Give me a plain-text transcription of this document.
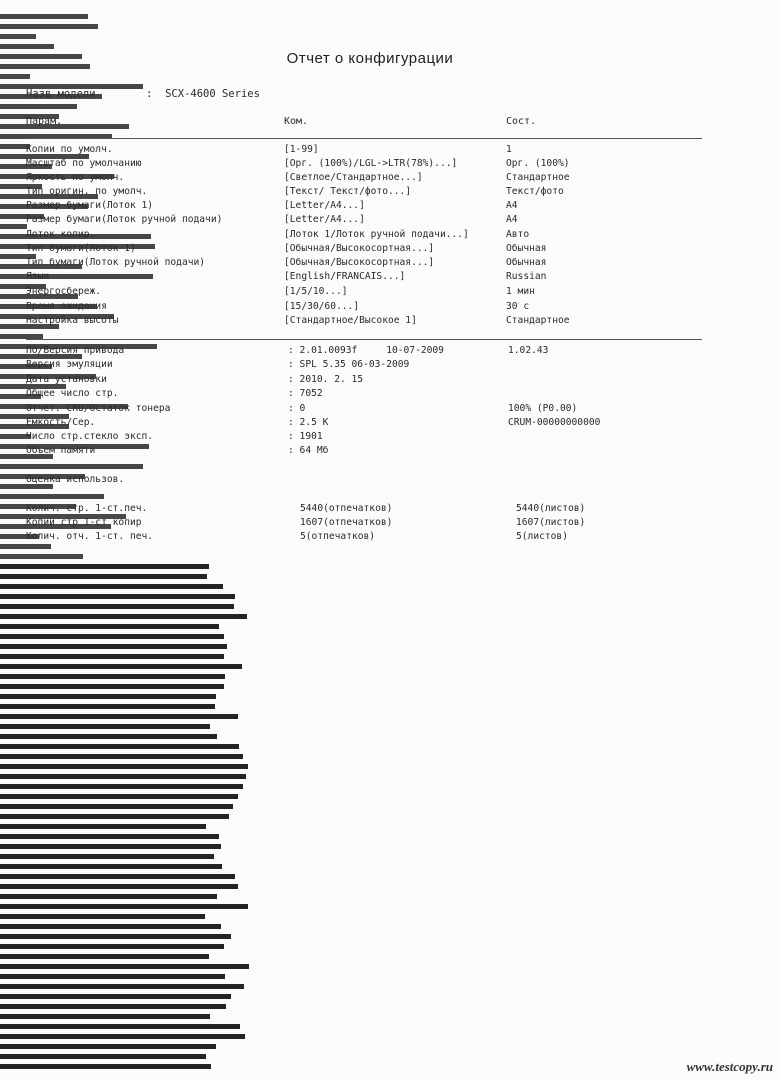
Отчет о конфигурации
Назв модели        :  SCX-4600 Series
Парам.	Ком.	Сост.
Копии по умолч.	[1-99]	1
Масштаб по умолчанию	[Орг. (100%)/LGL->LTR(78%)...]	Орг. (100%)
Яркость по умолч.	[Светлое/Стандартное...]	Стандартное
Тип оригин. по умолч.	[Текст/ Текст/фото...]	Текст/фото
Размер бумаги(Лоток 1)	[Letter/A4...]	A4
Размер бумаги(Лоток ручной подачи)	[Letter/A4...]	A4
Лоток копир.	[Лоток 1/Лоток ручной подачи...]	Авто
Тип бумаги(Лоток 1)	[Обычная/Высокосортная...]	Обычная
Тип бумаги(Лоток ручной подачи)	[Обычная/Высокосортная...]	Обычная
Язык	[English/FRANCAIS...]	Russian
Энергосбереж.	[1/5/10...]	1 мин
Время ожидания	[15/30/60...]	30 с
Настройка высоты	[Стандартное/Высокое 1]	Стандартное
ПО/Версия привода	: 2.01.0093f     10-07-2009	1.02.43
Версия эмуляции	: SPL 5.35 06-03-2009
Дата установки	: 2010. 2. 15
Общее число стр.	: 7052
Отчет. CRU/Остаток тонера	: 0	100% (P0.00)
Емкость/Сер.	: 2.5 K	CRUM-00000000000
Число стр.стекло эксп.	: 1901
Объем памяти	: 64 Мб
Оценка использов.
Колич. стр. 1-ст.печ.	5440(отпечатков)	5440(листов)
Копии стр 1-ст копир	1607(отпечатков)	1607(листов)
Колич. отч. 1-ст. печ.	5(отпечатков)	5(листов)
www.testcopy.ru
